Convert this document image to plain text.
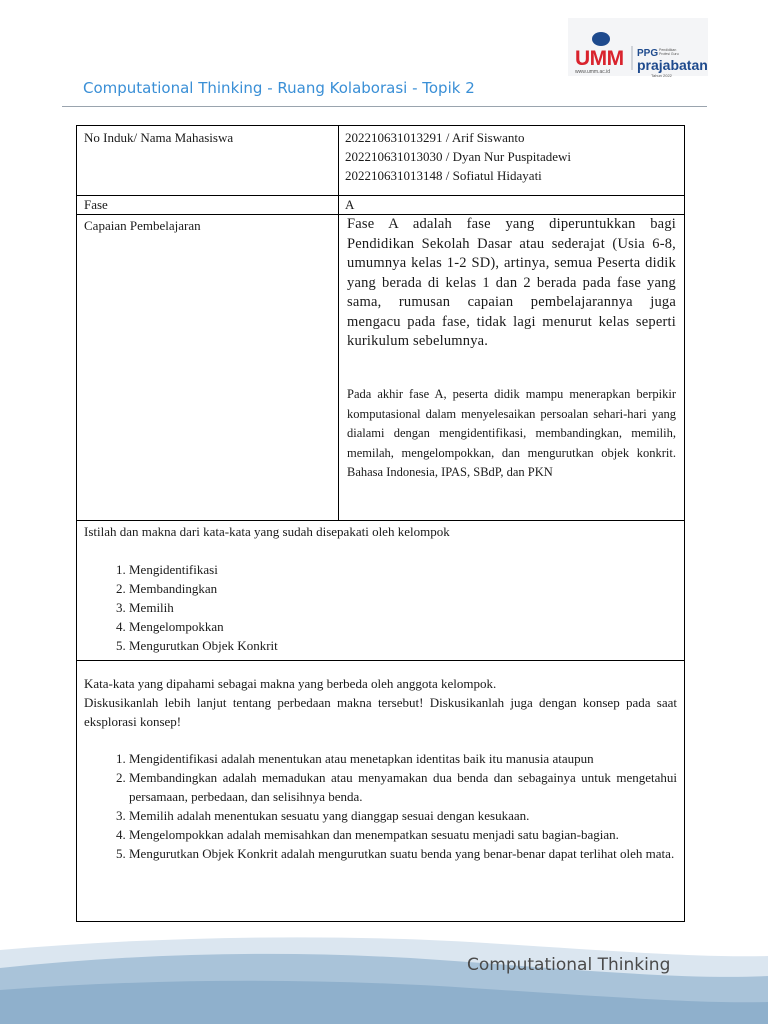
UMM
www.umm.ac.id
PPG Pendidikan Profesi Guru
prajabatan
Tahun 2022
Computational Thinking - Ruang Kolaborasi - Topik 2
No Induk/ Nama Mahasiswa	202210631013291 / Arif Siswanto
202210631013030 / Dyan Nur Puspitadewi
202210631013148 / Sofiatul Hidayati
Fase	A
Capaian Pembelajaran	Fase A adalah fase yang diperuntukkan bagi Pendidikan Sekolah Dasar atau sederajat (Usia 6-8, umumnya kelas 1-2 SD), artinya, semua Peserta didik yang berada di kelas 1 dan 2 berada pada fase yang sama, rumusan capaian pembelajarannya juga mengacu pada fase, tidak lagi menurut kelas seperti kurikulum sebelumnya.
Pada akhir fase A, peserta didik mampu menerapkan berpikir komputasional dalam menyelesaikan persoalan sehari-hari yang dialami dengan mengidentifikasi, membandingkan, memilih, memilah, mengelompokkan, dan mengurutkan objek konkrit. Bahasa Indonesia, IPAS, SBdP, dan PKN
Istilah dan makna dari kata-kata yang sudah disepakati oleh kelompok
1. Mengidentifikasi
2. Membandingkan
3. Memilih
4. Mengelompokkan
5. Mengurutkan Objek Konkrit
Kata-kata yang dipahami sebagai makna yang berbeda oleh anggota kelompok.
Diskusikanlah lebih lanjut tentang perbedaan makna tersebut! Diskusikanlah juga dengan konsep pada saat eksplorasi konsep!
1. Mengidentifikasi adalah menentukan atau menetapkan identitas baik itu manusia ataupun
2. Membandingkan adalah memadukan atau menyamakan dua benda dan sebagainya untuk mengetahui persamaan, perbedaan, dan selisihnya benda.
3. Memilih adalah menentukan sesuatu yang dianggap sesuai dengan kesukaan.
4. Mengelompokkan adalah memisahkan dan menempatkan sesuatu menjadi satu bagian-bagian.
5. Mengurutkan Objek Konkrit adalah mengurutkan suatu benda yang benar-benar dapat terlihat oleh mata.
Computational Thinking
